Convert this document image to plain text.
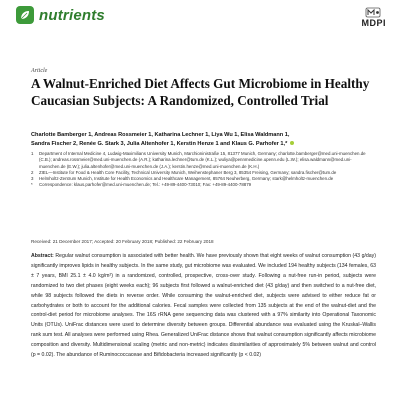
nutrients	MDPI
Article
A Walnut-Enriched Diet Affects Gut Microbiome in Healthy Caucasian Subjects: A Randomized, Controlled Trial
Charlotte Bamberger 1, Andreas Rossmeier 1, Katharina Lechner 1, Liya Wu 1, Elisa Waldmann 1,
Sandra Fischer 2, Renée G. Stark 3, Julia Altenhofer 1, Kerstin Henze 1 and Klaus G. Parhofer 1,*
1	Department of Internal Medicine 4, Ludwig-Maximilians University Munich, Marchioninistraße 15, 81377 Munich, Germany; charlotte.bamberger@med.uni-muenchen.de (C.B.); andreas.rossmeier@med.uni-muenchen.de (A.R.); katharina.lechner@tum.de (K.L.); wuliya@pennmedicine.upenn.edu (L.W.); elisa.waldmann@med.uni-muenchen.de (E.W.); julia.altenhofer@med.uni-muenchen.de (J.A.); kerstin.henze@med.uni-muenchen.de (K.H.)
2	ZIEL—Institute for Food & Health Core Facility, Technical University Munich, Weihenstephaner Berg 3, 85354 Freising, Germany; sandra.fischer@tum.de
3	Helmholtz-Zentrum Munich, Institute for Health Economics and Healthcare Management, 85764 Neuherberg, Germany; stark@helmholtz-muenchen.de
*	Correspondence: klaus.parhofer@med.uni-muenchen.de; Tel.: +49-89-4400-73010; Fax: +49-89-4400-78879
Received: 21 December 2017; Accepted: 20 February 2018; Published: 22 February 2018
Abstract: Regular walnut consumption is associated with better health. We have previously shown that eight weeks of walnut consumption (43 g/day) significantly improves lipids in healthy subjects. In the same study, gut microbiome was evaluated. We included 194 healthy subjects (134 females, 63 ± 7 years, BMI 25.1 ± 4.0 kg/m²) in a randomized, controlled, prospective, cross-over study. Following a nut-free run-in period, subjects were randomized to two diet phases (eight weeks each); 96 subjects first followed a walnut-enriched diet (43 g/day) and then switched to a nut-free diet, while 98 subjects followed the diets in reverse order. While consuming the walnut-enriched diet, subjects were advised to either reduce fat or carbohydrates or both to account for the additional calories. Fecal samples were collected from 135 subjects at the end of the walnut-diet and the control-diet period for microbiome analyses. The 16S rRNA gene sequencing data was clustered with a 97% similarity into Operational Taxonomic Units (OTUs). UniFrac distances were used to determine diversity between groups. Differential abundance was evaluated using the Kruskal–Wallis rank sum test. All analyses were performed using Rhea. Generalized UniFrac distance shows that walnut consumption significantly affects microbiome composition and diversity. Multidimensional scaling (metric and non-metric) indicates dissimilarities of approximately 5% between walnut and control (p = 0.02). The abundance of Ruminococcaceae and Bifidobacteria increased significantly (p < 0.02)
